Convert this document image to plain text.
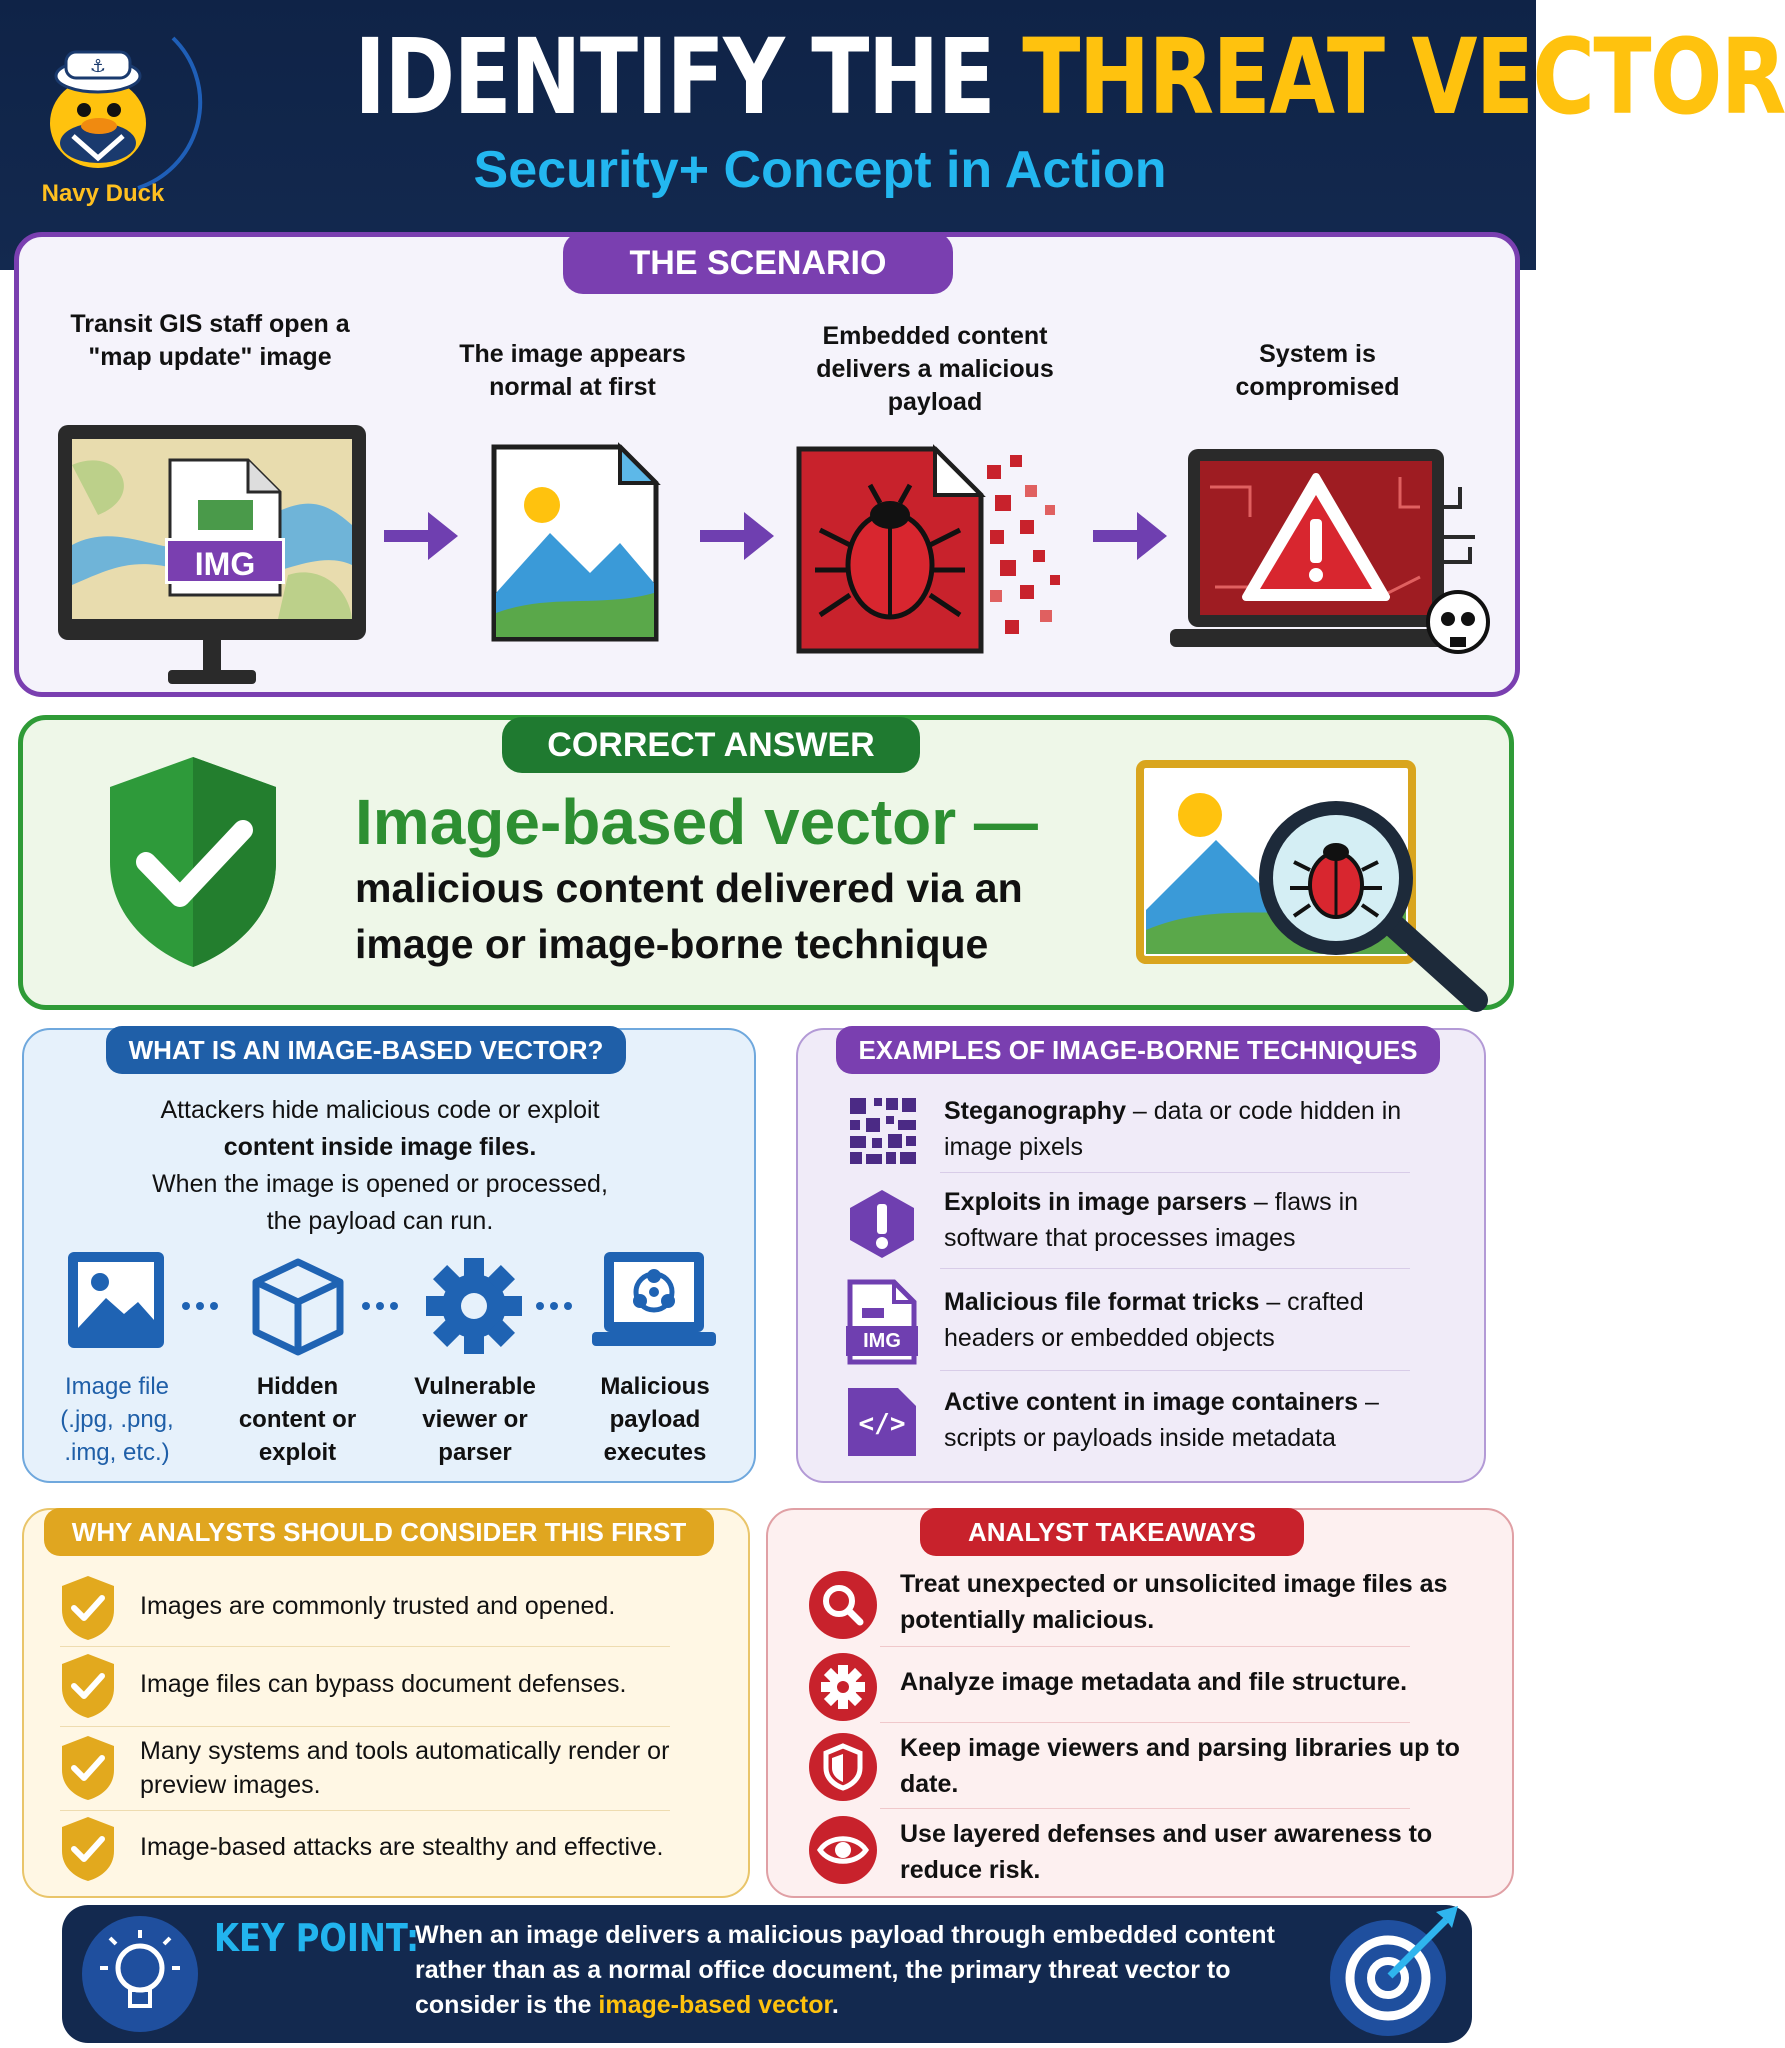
⚓
Navy Duck
IDENTIFY THE THREAT VECTOR
Security+ Concept in Action
THE SCENARIO
Transit GIS staff open a "map update" image	The image appears normal at first
Embedded content delivers a malicious payload
System is compromised
IMG
CORRECT ANSWER
Image-based vector —
malicious content delivered via an image or image-borne technique
WHAT IS AN IMAGE-BASED VECTOR?
Attackers hide malicious code or exploit
content inside image files.
When the image is opened or processed,
the payload can run.
Image file (.jpg, .png, .img, etc.)
Hidden content or exploit
Vulnerable viewer or parser
Malicious payload executes
EXAMPLES OF IMAGE-BORNE TECHNIQUES
Steganography – data or code hidden in image pixels
Exploits in image parsers – flaws in software that processes images
IMG
Malicious file format tricks – crafted headers or embedded objects
</>
Active content in image containers – scripts or payloads inside metadata
WHY ANALYSTS SHOULD CONSIDER THIS FIRST
Images are commonly trusted and opened.
Image files can bypass document defenses.
Many systems and tools automatically render or preview images.
Image-based attacks are stealthy and effective.
ANALYST TAKEAWAYS
Treat unexpected or unsolicited image files as potentially malicious.
Analyze image metadata and file structure.
Keep image viewers and parsing libraries up to date.
Use layered defenses and user awareness to reduce risk.
KEY POINT:
When an image delivers a malicious payload through embedded content rather than as a normal office document, the primary threat vector to consider is the image-based vector.
